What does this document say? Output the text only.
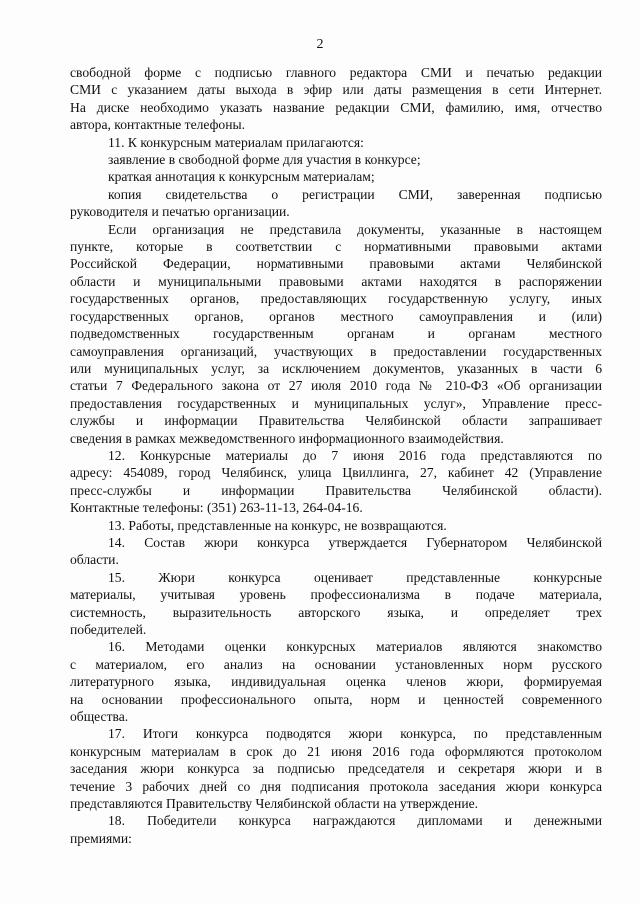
2
свободной форме с подписью главного редактора СМИ и печатью редакции
СМИ с указанием даты выхода в эфир или даты размещения в сети Интернет.
На диске необходимо указать название редакции СМИ, фамилию, имя, отчество
автора, контактные телефоны.
11. К конкурсным материалам прилагаются:
заявление в свободной форме для участия в конкурсе;
краткая аннотация к конкурсным материалам;
копия свидетельства о регистрации СМИ, заверенная подписью
руководителя и печатью организации.
Если организация не представила документы, указанные в настоящем
пункте, которые в соответствии с нормативными правовыми актами
Российской Федерации, нормативными правовыми актами Челябинской
области и муниципальными правовыми актами находятся в распоряжении
государственных органов, предоставляющих государственную услугу, иных
государственных органов, органов местного самоуправления и (или)
подведомственных государственным органам и органам местного
самоуправления организаций, участвующих в предоставлении государственных
или муниципальных услуг, за исключением документов, указанных в части 6
статьи 7 Федерального закона от 27 июля 2010 года № 210-ФЗ «Об организации
предоставления государственных и муниципальных услуг», Управление пресс-
службы и информации Правительства Челябинской области запрашивает
сведения в рамках межведомственного информационного взаимодействия.
12. Конкурсные материалы до 7 июня 2016 года представляются по
адресу: 454089, город Челябинск, улица Цвиллинга, 27, кабинет 42 (Управление
пресс-службы и информации Правительства Челябинской области).
Контактные телефоны: (351) 263-11-13, 264-04-16.
13. Работы, представленные на конкурс, не возвращаются.
14. Состав жюри конкурса утверждается Губернатором Челябинской
области.
15. Жюри конкурса оценивает представленные конкурсные
материалы, учитывая уровень профессионализма в подаче материала,
системность, выразительность авторского языка, и определяет трех
победителей.
16. Методами оценки конкурсных материалов являются знакомство
с материалом, его анализ на основании установленных норм русского
литературного языка, индивидуальная оценка членов жюри, формируемая
на основании профессионального опыта, норм и ценностей современного
общества.
17. Итоги конкурса подводятся жюри конкурса, по представленным
конкурсным материалам в срок до 21 июня 2016 года оформляются протоколом
заседания жюри конкурса за подписью председателя и секретаря жюри и в
течение 3 рабочих дней со дня подписания протокола заседания жюри конкурса
представляются Правительству Челябинской области на утверждение.
18. Победители конкурса награждаются дипломами и денежными
премиями:
